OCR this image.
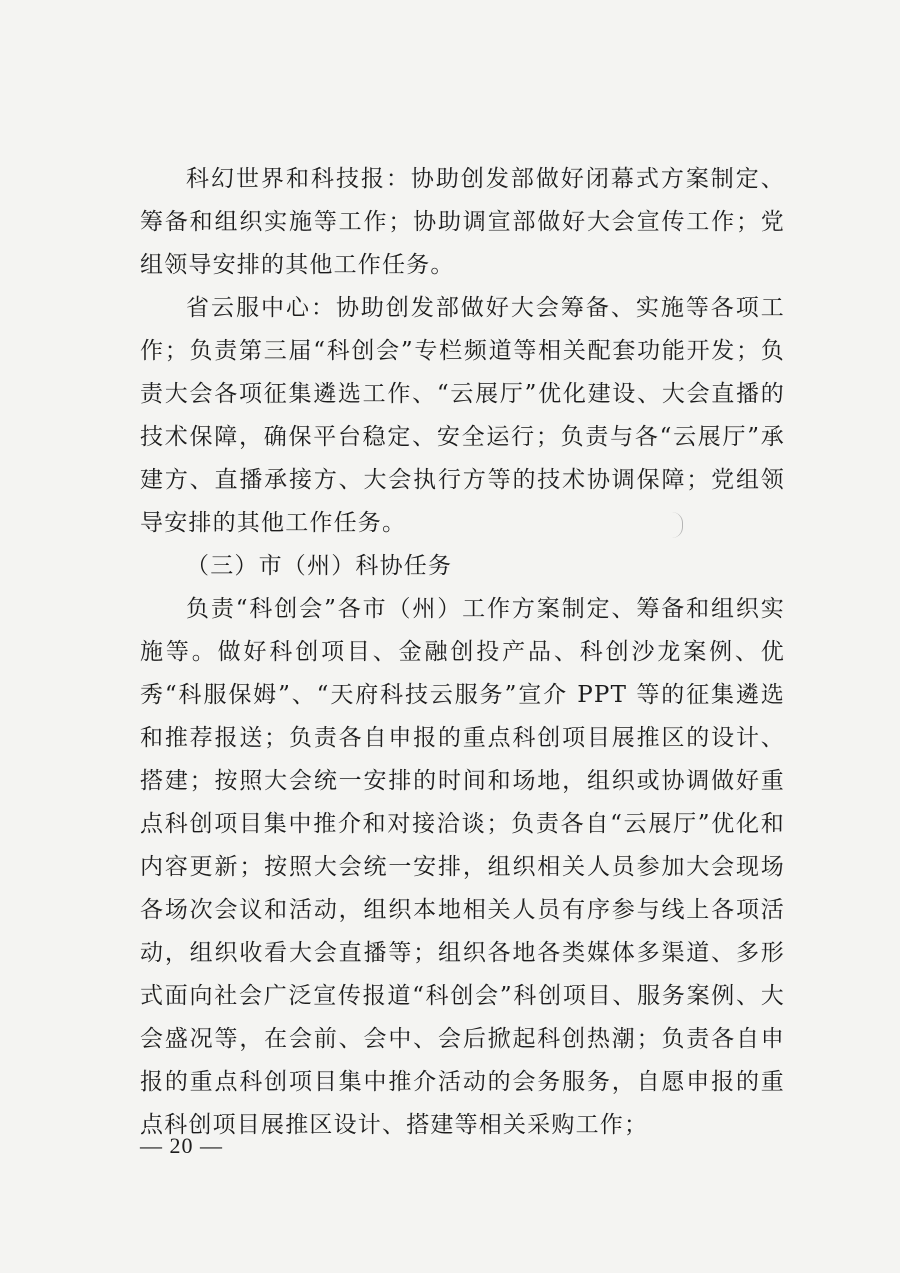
科幻世界和科技报：协助创发部做好闭幕式方案制定、筹备和组织实施等工作；协助调宣部做好大会宣传工作；党组领导安排的其他工作任务。

省云服中心：协助创发部做好大会筹备、实施等各项工作；负责第三届“科创会”专栏频道等相关配套功能开发；负责大会各项征集遴选工作、“云展厅”优化建设、大会直播的技术保障，确保平台稳定、安全运行；负责与各“云展厅”承建方、直播承接方、大会执行方等的技术协调保障；党组领导安排的其他工作任务。

（三）市（州）科协任务

负责“科创会”各市（州）工作方案制定、筹备和组织实施等。做好科创项目、金融创投产品、科创沙龙案例、优秀“科服保姆”、“天府科技云服务”宣介 PPT 等的征集遴选和推荐报送；负责各自申报的重点科创项目展推区的设计、搭建；按照大会统一安排的时间和场地，组织或协调做好重点科创项目集中推介和对接洽谈；负责各自“云展厅”优化和内容更新；按照大会统一安排，组织相关人员参加大会现场各场次会议和活动，组织本地相关人员有序参与线上各项活动，组织收看大会直播等；组织各地各类媒体多渠道、多形式面向社会广泛宣传报道“科创会”科创项目、服务案例、大会盛况等，在会前、会中、会后掀起科创热潮；负责各自申报的重点科创项目集中推介活动的会务服务，自愿申报的重点科创项目展推区设计、搭建等相关采购工作；

— 20 —
